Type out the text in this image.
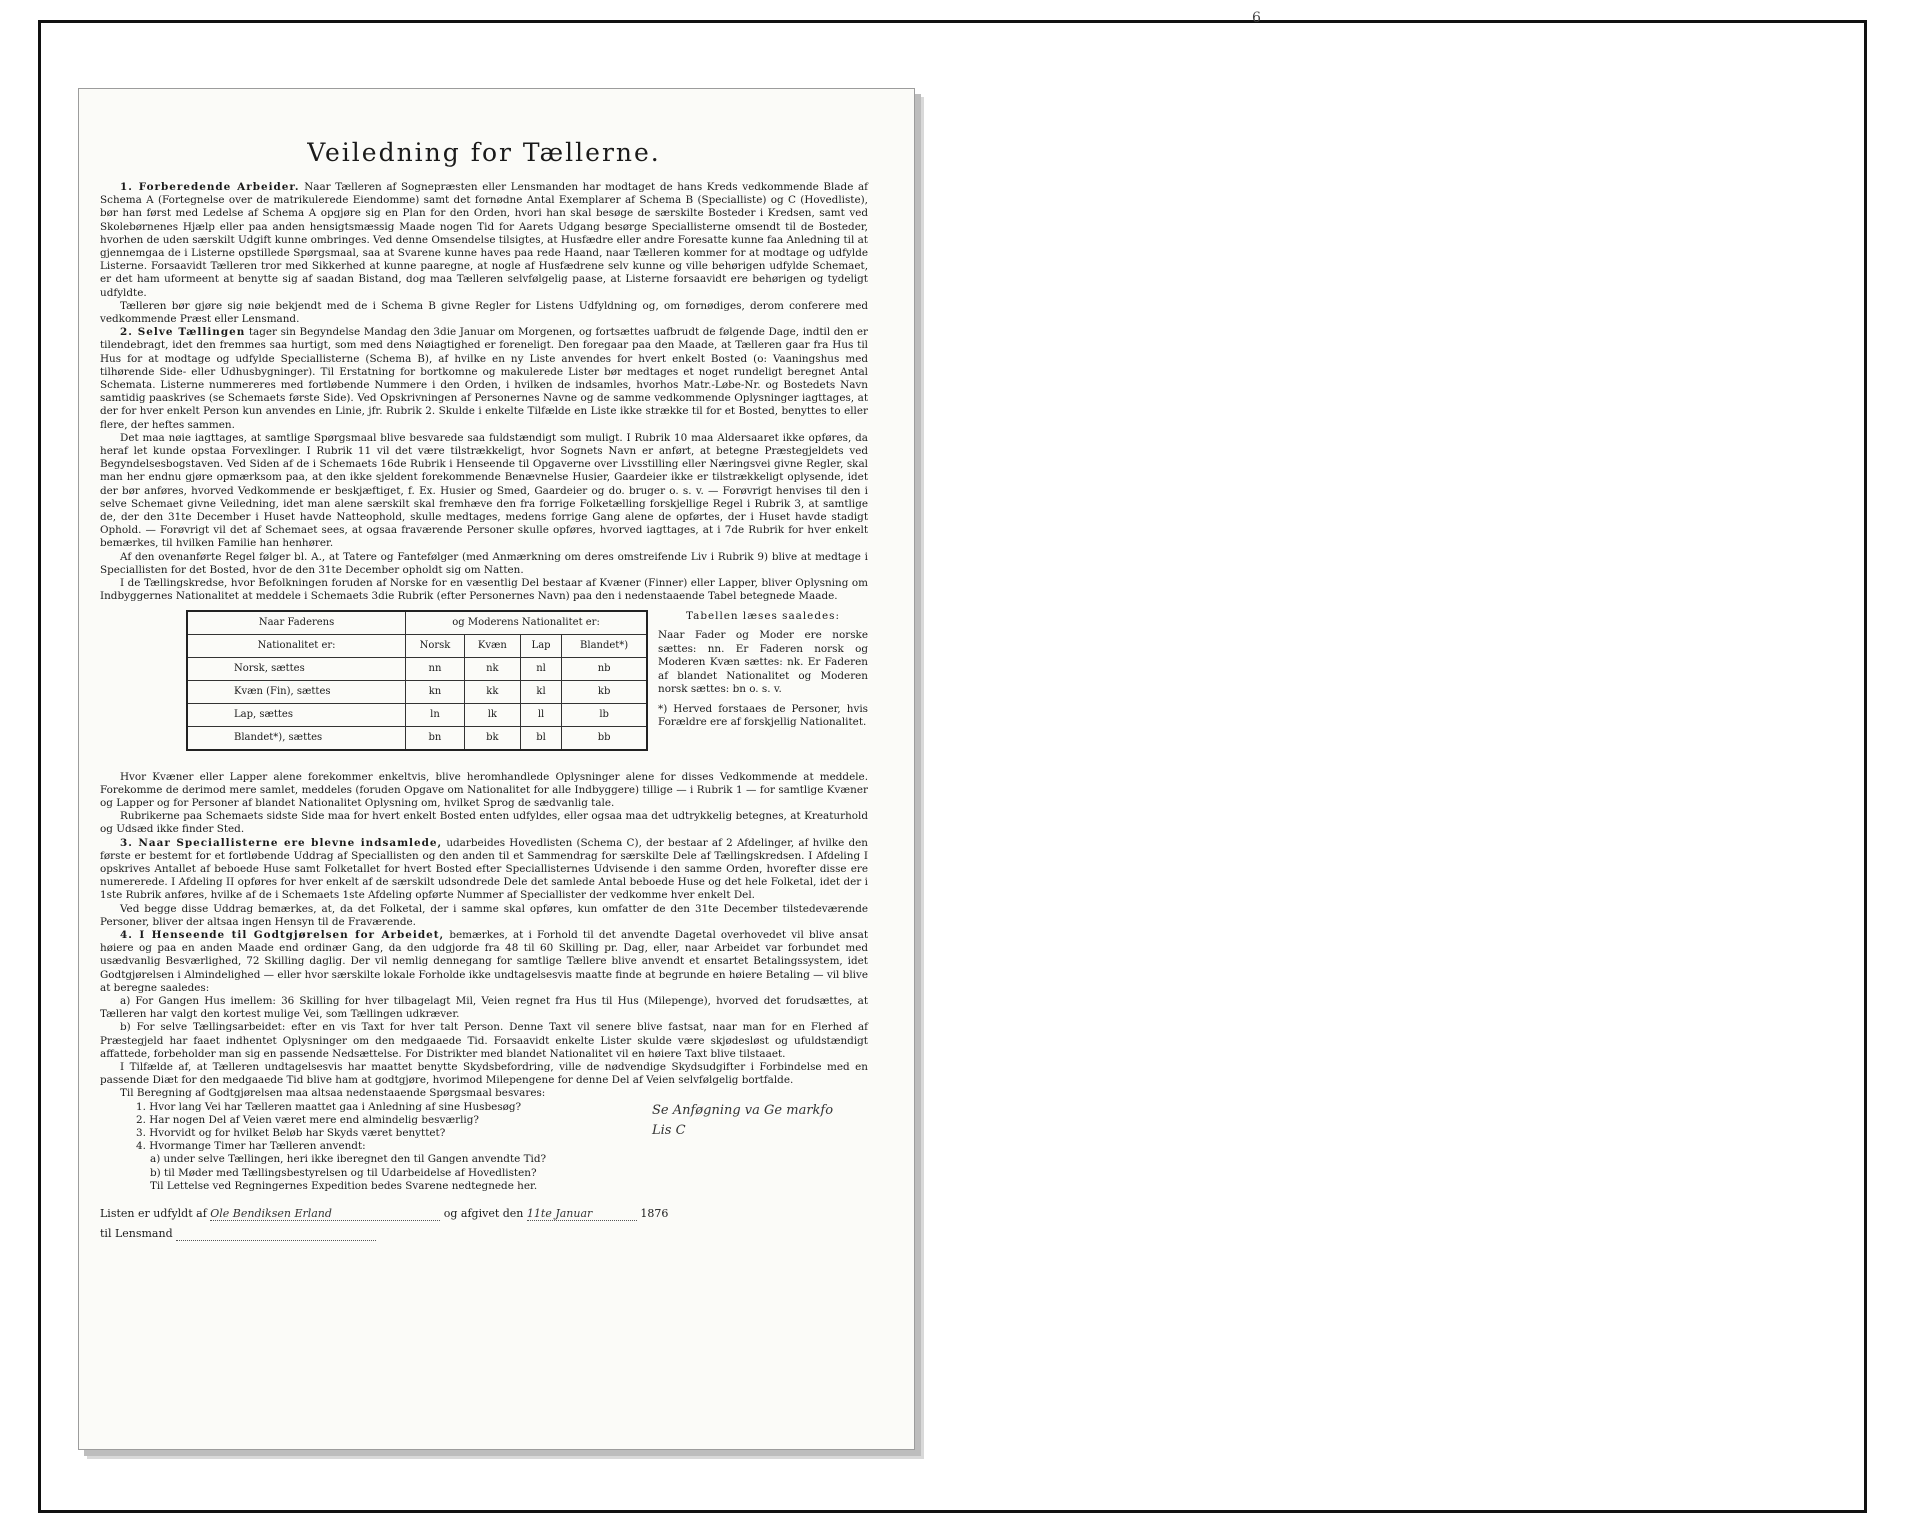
6
Veiledning for Tællerne.

1. Forberedende Arbeider. Naar Tælleren af Sognepræsten eller Lensmanden har modtaget de hans Kreds vedkommende Blade af Schema A (Fortegnelse over de matrikulerede Eiendomme) samt det fornødne Antal Exemplarer af Schema B (Specialliste) og C (Hovedliste), bør han først med Ledelse af Schema A opgjøre sig en Plan for den Orden, hvori han skal besøge de særskilte Bosteder i Kredsen, samt ved Skolebørnenes Hjælp eller paa anden hensigtsmæssig Maade nogen Tid for Aarets Udgang besørge Speciallisterne omsendt til de Bosteder, hvorhen de uden særskilt Udgift kunne ombringes. Ved denne Omsendelse tilsigtes, at Husfædre eller andre Foresatte kunne faa Anledning til at gjennemgaa de i Listerne opstillede Spørgsmaal, saa at Svarene kunne haves paa rede Haand, naar Tælleren kommer for at modtage og udfylde Listerne. Forsaavidt Tælleren tror med Sikkerhed at kunne paaregne, at nogle af Husfædrene selv kunne og ville behørigen udfylde Schemaet, er det ham uformeent at benytte sig af saadan Bistand, dog maa Tælleren selvfølgelig paase, at Listerne forsaavidt ere behørigen og tydeligt udfyldte.

Tælleren bør gjøre sig nøie bekjendt med de i Schema B givne Regler for Listens Udfyldning og, om fornødiges, derom conferere med vedkommende Præst eller Lensmand.

2. Selve Tællingen tager sin Begyndelse Mandag den 3die Januar om Morgenen, og fortsættes uafbrudt de følgende Dage, indtil den er tilendebragt, idet den fremmes saa hurtigt, som med dens Nøiagtighed er foreneligt. Den foregaar paa den Maade, at Tælleren gaar fra Hus til Hus for at modtage og udfylde Speciallisterne (Schema B), af hvilke en ny Liste anvendes for hvert enkelt Bosted (o: Vaaningshus med tilhørende Side- eller Udhusbygninger). Til Erstatning for bortkomne og makulerede Lister bør medtages et noget rundeligt beregnet Antal Schemata. Listerne nummereres med fortløbende Nummere i den Orden, i hvilken de indsamles, hvorhos Matr.-Løbe-Nr. og Bostedets Navn samtidig paaskrives (se Schemaets første Side). Ved Opskrivningen af Personernes Navne og de samme vedkommende Oplysninger iagttages, at der for hver enkelt Person kun anvendes en Linie, jfr. Rubrik 2. Skulde i enkelte Tilfælde en Liste ikke strække til for et Bosted, benyttes to eller flere, der heftes sammen.

Det maa nøie iagttages, at samtlige Spørgsmaal blive besvarede saa fuldstændigt som muligt. I Rubrik 10 maa Aldersaaret ikke opføres, da heraf let kunde opstaa Forvexlinger. I Rubrik 11 vil det være tilstrækkeligt, hvor Sognets Navn er anført, at betegne Præstegjeldets ved Begyndelsesbogstaven. Ved Siden af de i Schemaets 16de Rubrik i Henseende til Opgaverne over Livsstilling eller Næringsvei givne Regler, skal man her endnu gjøre opmærksom paa, at den ikke sjeldent forekommende Benævnelse Husier, Gaardeier ikke er tilstrækkeligt oplysende, idet der bør anføres, hvorved Vedkommende er beskjæftiget, f. Ex. Husier og Smed, Gaardeier og do. bruger o. s. v. — Forøvrigt henvises til den i selve Schemaet givne Veiledning, idet man alene særskilt skal fremhæve den fra forrige Folketælling forskjellige Regel i Rubrik 3, at samtlige de, der den 31te December i Huset havde Natteophold, skulle medtages, medens forrige Gang alene de opførtes, der i Huset havde stadigt Ophold. — Forøvrigt vil det af Schemaet sees, at ogsaa fraværende Personer skulle opføres, hvorved iagttages, at i 7de Rubrik for hver enkelt bemærkes, til hvilken Familie han henhører.

Af den ovenanførte Regel følger bl. A., at Tatere og Fantefølger (med Anmærkning om deres omstreifende Liv i Rubrik 9) blive at medtage i Speciallisten for det Bosted, hvor de den 31te December opholdt sig om Natten.

I de Tællingskredse, hvor Befolkningen foruden af Norske for en væsentlig Del bestaar af Kvæner (Finner) eller Lapper, bliver Oplysning om Indbyggernes Nationalitet at meddele i Schemaets 3die Rubrik (efter Personernes Navn) paa den i nedenstaaende Tabel betegnede Maade.

Naar Faderens	og Moderens Nationalitet er:			
Nationalitet er:	Norsk	Kvæn	Lap	Blandet*)
Norsk, sættes	nn	nk	nl	nb
Kvæn (Fin), sættes	kn	kk	kl	kb
Lap, sættes	ln	lk	ll	lb
Blandet*), sættes	bn	bk	bl	bb

Tabellen læses saaledes:

Naar Fader og Moder ere norske sættes: nn. Er Faderen norsk og Moderen Kvæn sættes: nk. Er Faderen af blandet Nationalitet og Moderen norsk sættes: bn o. s. v.

*) Herved forstaaes de Personer, hvis Forældre ere af forskjellig Nationalitet.

Hvor Kvæner eller Lapper alene forekommer enkeltvis, blive heromhandlede Oplysninger alene for disses Vedkommende at meddele. Forekomme de derimod mere samlet, meddeles (foruden Opgave om Nationalitet for alle Indbyggere) tillige — i Rubrik 1 — for samtlige Kvæner og Lapper og for Personer af blandet Nationalitet Oplysning om, hvilket Sprog de sædvanlig tale.

Rubrikerne paa Schemaets sidste Side maa for hvert enkelt Bosted enten udfyldes, eller ogsaa maa det udtrykkelig betegnes, at Kreaturhold og Udsæd ikke finder Sted.

3. Naar Speciallisterne ere blevne indsamlede, udarbeides Hovedlisten (Schema C), der bestaar af 2 Afdelinger, af hvilke den første er bestemt for et fortløbende Uddrag af Speciallisten og den anden til et Sammendrag for særskilte Dele af Tællingskredsen. I Afdeling I opskrives Antallet af beboede Huse samt Folketallet for hvert Bosted efter Speciallisternes Udvisende i den samme Orden, hvorefter disse ere numererede. I Afdeling II opføres for hver enkelt af de særskilt udsondrede Dele det samlede Antal beboede Huse og det hele Folketal, idet der i 1ste Rubrik anføres, hvilke af de i Schemaets 1ste Afdeling opførte Nummer af Speciallister der vedkomme hver enkelt Del.

Ved begge disse Uddrag bemærkes, at, da det Folketal, der i samme skal opføres, kun omfatter de den 31te December tilstedeværende Personer, bliver der altsaa ingen Hensyn til de Fraværende.

4. I Henseende til Godtgjørelsen for Arbeidet, bemærkes, at i Forhold til det anvendte Dagetal overhovedet vil blive ansat høiere og paa en anden Maade end ordinær Gang, da den udgjorde fra 48 til 60 Skilling pr. Dag, eller, naar Arbeidet var forbundet med usædvanlig Besværlighed, 72 Skilling daglig. Der vil nemlig dennegang for samtlige Tællere blive anvendt et ensartet Betalingssystem, idet Godtgjørelsen i Almindelighed — eller hvor særskilte lokale Forholde ikke undtagelsesvis maatte finde at begrunde en høiere Betaling — vil blive at beregne saaledes:

a) For Gangen Hus imellem: 36 Skilling for hver tilbagelagt Mil, Veien regnet fra Hus til Hus (Milepenge), hvorved det forudsættes, at Tælleren har valgt den kortest mulige Vei, som Tællingen udkræver.

b) For selve Tællingsarbeidet: efter en vis Taxt for hver talt Person. Denne Taxt vil senere blive fastsat, naar man for en Flerhed af Præstegjeld har faaet indhentet Oplysninger om den medgaaede Tid. Forsaavidt enkelte Lister skulde være skjødesløst og ufuldstændigt affattede, forbeholder man sig en passende Nedsættelse. For Distrikter med blandet Nationalitet vil en høiere Taxt blive tilstaaet.

I Tilfælde af, at Tælleren undtagelsesvis har maattet benytte Skydsbefordring, ville de nødvendige Skydsudgifter i Forbindelse med en passende Diæt for den medgaaede Tid blive ham at godtgjøre, hvorimod Milepengene for denne Del af Veien selvfølgelig bortfalde.

Til Beregning af Godtgjørelsen maa altsaa nedenstaaende Spørgsmaal besvares:

1. Hvor lang Vei har Tælleren maattet gaa i Anledning af sine Husbesøg?
2. Har nogen Del af Veien været mere end almindelig besværlig?
3. Hvorvidt og for hvilket Beløb har Skyds været benyttet?
4. Hvormange Timer har Tælleren anvendt:
a) under selve Tællingen, heri ikke iberegnet den til Gangen anvendte Tid?
b) til Møder med Tællingsbestyrelsen og til Udarbeidelse af Hovedlisten?
Til Lettelse ved Regningernes Expedition bedes Svarene nedtegnede her.
Se Anføgning va Ge markfo Lis C
Listen er udfyldt af Ole Bendiksen Erland	og afgivet den 11te Januar	1876
til Lensmand
